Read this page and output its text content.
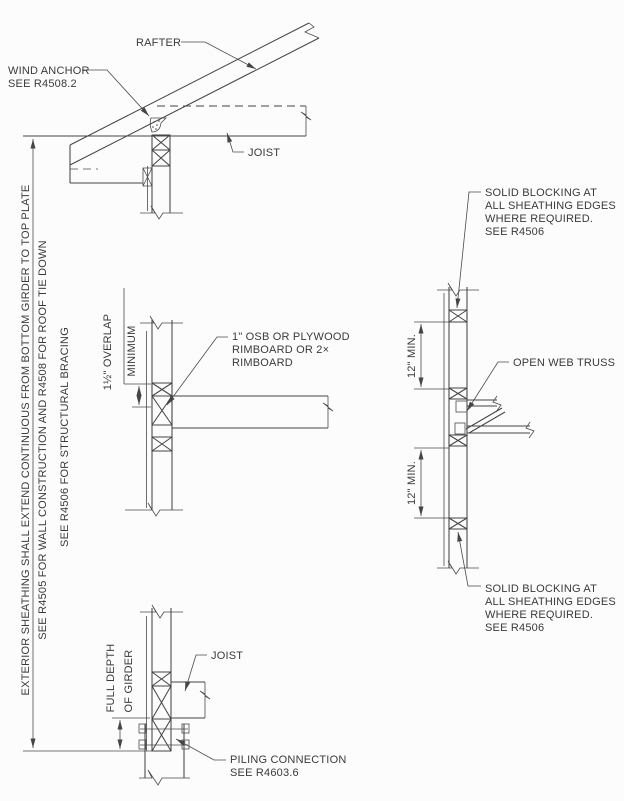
EXTERIOR SHEATHING SHALL EXTEND CONTINUOUS FROM BOTTOM GIRDER TO TOP PLATE SEE R4505 FOR WALL CONSTRUCTION AND R4508 FOR ROOF TIE DOWN SEE R4506 FOR STRUCTURAL BRACING
RAFTER
WIND ANCHOR
SEE R4508.2
JOIST
1½" OVERLAP MINIMUM	1" OSB OR PLYWOOD
RIMBOARD OR 2×
RIMBOARD
FULL DEPTH OF GIRDER	JOIST
PILING CONNECTION
SEE R4603.6
12" MIN.
12" MIN.
SOLID BLOCKING AT
ALL SHEATHING EDGES
WHERE REQUIRED.
SEE R4506
OPEN WEB TRUSS
SOLID BLOCKING AT
ALL SHEATHING EDGES
WHERE REQUIRED.
SEE R4506
